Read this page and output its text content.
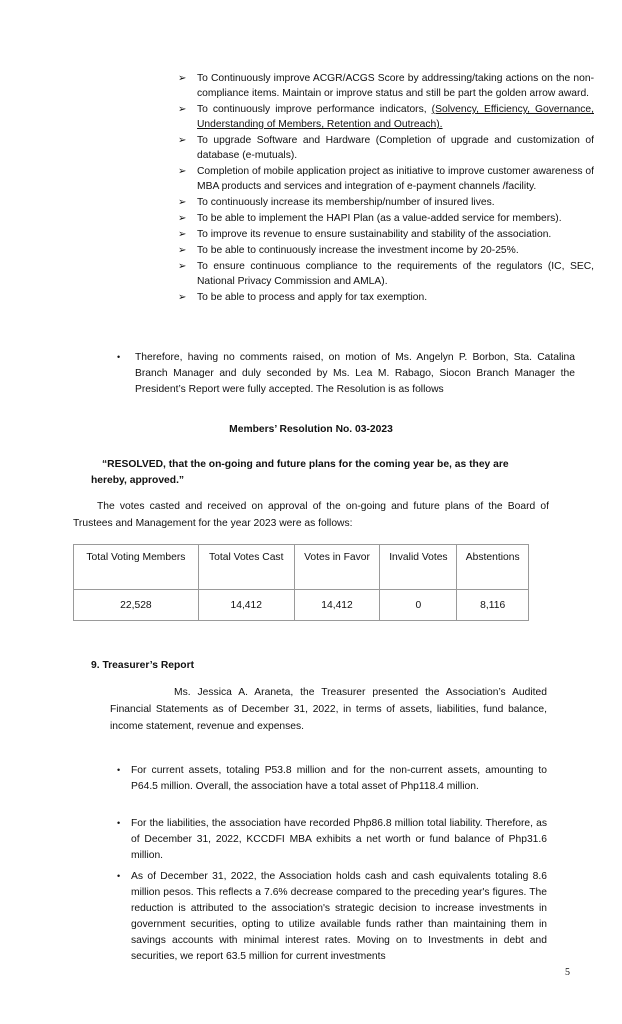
➢ To Continuously improve ACGR/ACGS Score by addressing/taking actions on the non- compliance items. Maintain or improve status and still be part the golden arrow award.
➢ To continuously improve performance indicators, (Solvency, Efficiency, Governance, Understanding of Members, Retention and Outreach).
➢ To upgrade Software and Hardware (Completion of upgrade and customization of database (e-mutuals).
➢ Completion of mobile application project as initiative to improve customer awareness of MBA products and services and integration of e-payment channels /facility.
➢ To continuously increase its membership/number of insured lives.
➢ To be able to implement the HAPI Plan (as a value-added service for members).
➢ To improve its revenue to ensure sustainability and stability of the association.
➢ To be able to continuously increase the investment income by 20-25%.
➢ To ensure continuous compliance to the requirements of the regulators (IC, SEC, National Privacy Commission and AMLA).
➢ To be able to process and apply for tax exemption.
• Therefore, having no comments raised, on motion of Ms. Angelyn P. Borbon, Sta. Catalina Branch Manager and duly seconded by Ms. Lea M. Rabago, Siocon Branch Manager the President’s Report were fully accepted. The Resolution is as follows
Members’ Resolution No. 03-2023
“RESOLVED, that the on-going and future plans for the coming year be, as they are hereby, approved.”
The votes casted and received on approval of the on-going and future plans of the Board of Trustees and Management for the year 2023 were as follows:
Total Voting Members	Total Votes Cast	Votes in Favor	Invalid Votes	Abstentions
22,528	14,412	14,412	0	8,116
9. Treasurer’s Report
Ms. Jessica A. Araneta, the Treasurer presented the Association’s Audited Financial Statements as of December 31, 2022, in terms of assets, liabilities, fund balance, income statement, revenue and expenses.
• For current assets, totaling P53.8 million and for the non-current assets, amounting to P64.5 million. Overall, the association have a total asset of Php118.4 million.
• For the liabilities, the association have recorded Php86.8 million total liability. Therefore, as of December 31, 2022, KCCDFI MBA exhibits a net worth or fund balance of Php31.6 million.
• As of December 31, 2022, the Association holds cash and cash equivalents totaling 8.6 million pesos. This reflects a 7.6% decrease compared to the preceding year's figures. The reduction is attributed to the association's strategic decision to increase investments in government securities, opting to utilize available funds rather than maintaining them in savings accounts with minimal interest rates. Moving on to Investments in debt and securities, we report 63.5 million for current investments
5
